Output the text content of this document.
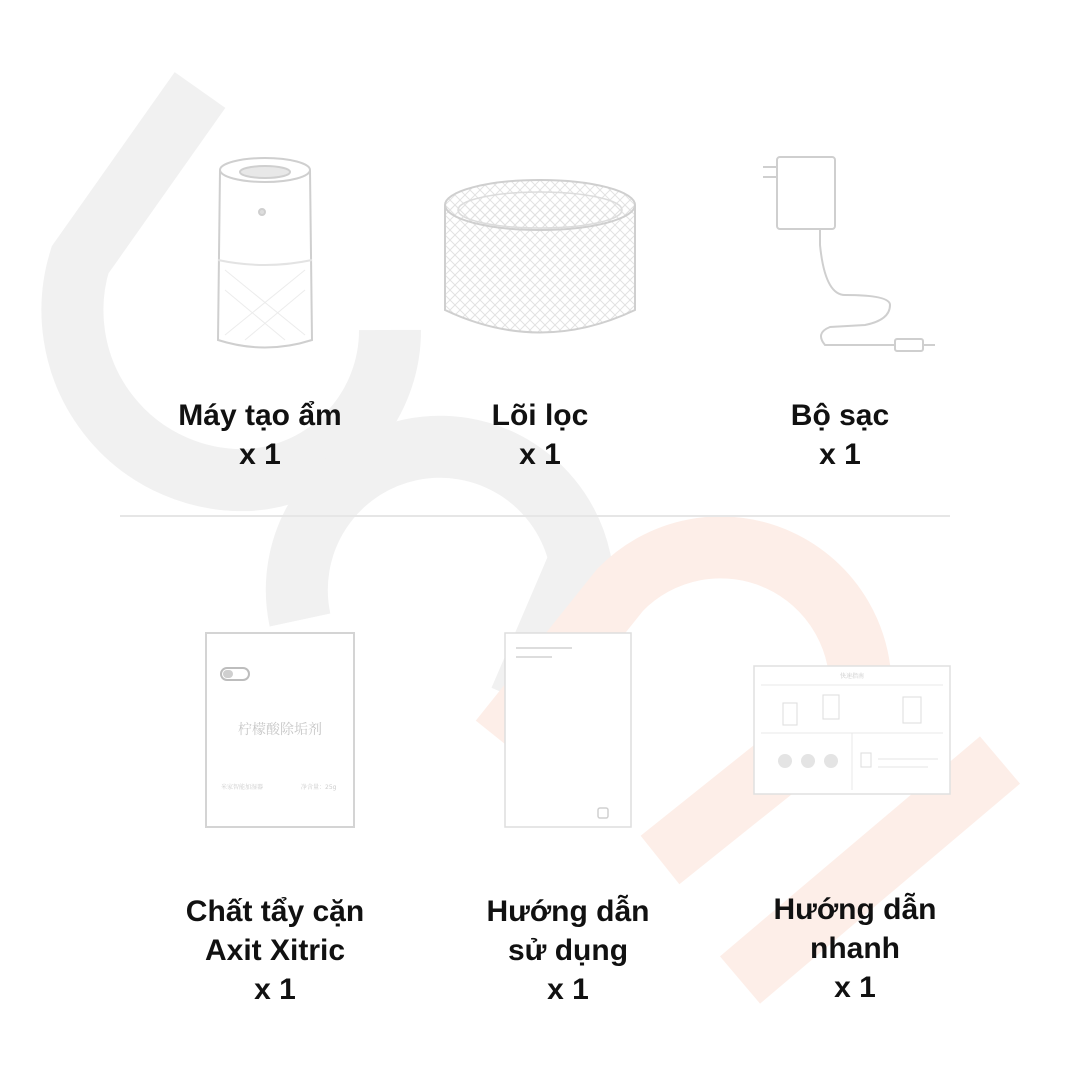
Máy tạo ẩm
x 1
Lõi lọc
x 1
Bộ sạc
x 1
柠檬酸除垢剂
米家智能加湿器	净含量：25g
Chất tẩy cặn
Axit Xitric
x 1
Hướng dẫn
sử dụng
x 1
快速指南
Hướng dẫn
nhanh
x 1
